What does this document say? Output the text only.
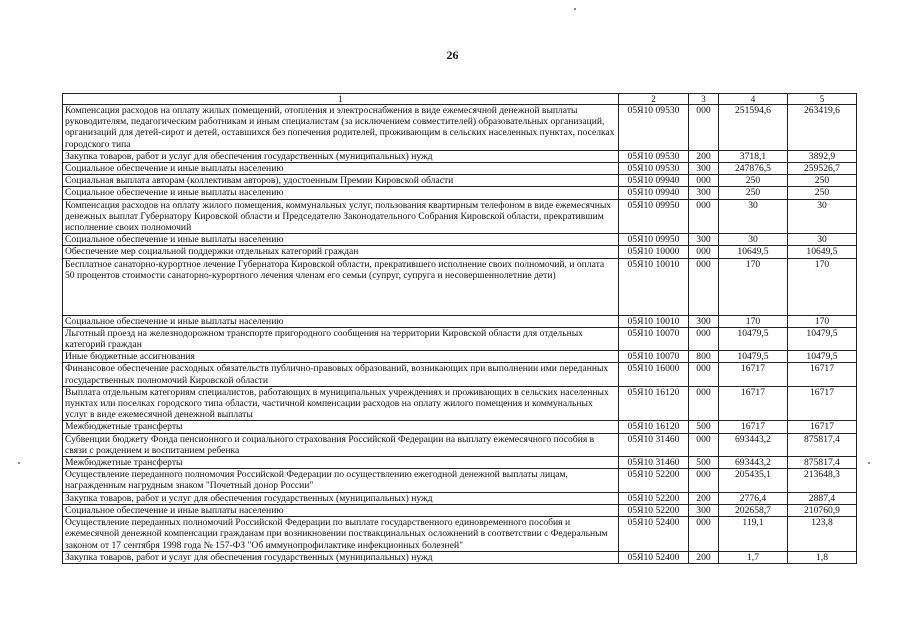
26
1	2	3	4	5
Компенсация расходов на оплату жилых помещений, отопления и электроснабжения в виде ежемесячной денежной выплаты руководителям, педагогическим работникам и иным специалистам (за исключением совместителей) образовательных организаций, организаций для детей-сирот и детей, оставшихся без попечения родителей, проживающим в сельских населенных пунктах, поселках городского типа	05Я10 09530	000	251594,6	263419,6
Закупка товаров, работ и услуг для обеспечения государственных (муниципальных) нужд	05Я10 09530	200	3718,1	3892,9
Социальное обеспечение и иные выплаты населению	05Я10 09530	300	247876,5	259526,7
Социальная выплата авторам (коллективам авторов), удостоенным Премии Кировской области	05Я10 09940	000	250	250
Социальное обеспечение и иные выплаты населению	05Я10 09940	300	250	250
Компенсация расходов на оплату жилого помещения, коммунальных услуг, пользования квартирным телефоном в виде ежемесячных денежных выплат Губернатору Кировской области и Председателю Законодательного Собрания Кировской области, прекратившим исполнение своих полномочий	05Я10 09950	000	30	30
Социальное обеспечение и иные выплаты населению	05Я10 09950	300	30	30
Обеспечение мер социальной поддержки отдельных категорий граждан	05Я10 10000	000	10649,5	10649,5
Бесплатное санаторно-курортное лечение Губернатора Кировской области, прекратившего исполнение своих полномочий, и оплата 50 процентов стоимости санаторно-курортного лечения членам его семьи (супруг, супруга и несовершеннолетние дети)	05Я10 10010	000	170	170
Социальное обеспечение и иные выплаты населению	05Я10 10010	300	170	170
Льготный проезд на железнодорожном транспорте пригородного сообщения на территории Кировской области для отдельных категорий граждан	05Я10 10070	000	10479,5	10479,5
Иные бюджетные ассигнования	05Я10 10070	800	10479,5	10479,5
Финансовое обеспечение расходных обязательств публично-правовых образований, возникающих при выполнении ими переданных государственных полномочий Кировской области	05Я10 16000	000	16717	16717
Выплата отдельным категориям специалистов, работающих в муниципальных учреждениях и проживающих в сельских населенных пунктах или поселках городского типа области, частичной компенсации расходов на оплату жилого помещения и коммунальных услуг в виде ежемесячной денежной выплаты	05Я10 16120	000	16717	16717
Межбюджетные трансферты	05Я10 16120	500	16717	16717
Субвенции бюджету Фонда пенсионного и социального страхования Российской Федерации на выплату ежемесячного пособия в связи с рождением и воспитанием ребенка	05Я10 31460	000	693443,2	875817,4
Межбюджетные трансферты	05Я10 31460	500	693443,2	875817,4
Осуществление переданного полномочия Российской Федерации по осуществлению ежегодной денежной выплаты лицам, награжденным нагрудным знаком "Почетный донор России"	05Я10 52200	000	205435,1	213648,3
Закупка товаров, работ и услуг для обеспечения государственных (муниципальных) нужд	05Я10 52200	200	2776,4	2887,4
Социальное обеспечение и иные выплаты населению	05Я10 52200	300	202658,7	210760,9
Осуществление переданных полномочий Российской Федерации по выплате государственного единовременного пособия и ежемесячной денежной компенсации гражданам при возникновении поствакцинальных осложнений в соответствии с Федеральным законом от 17 сентября 1998 года № 157-ФЗ "Об иммунопрофилактике инфекционных болезней"	05Я10 52400	000	119,1	123,8
Закупка товаров, работ и услуг для обеспечения государственных (муниципальных) нужд	05Я10 52400	200	1,7	1,8
